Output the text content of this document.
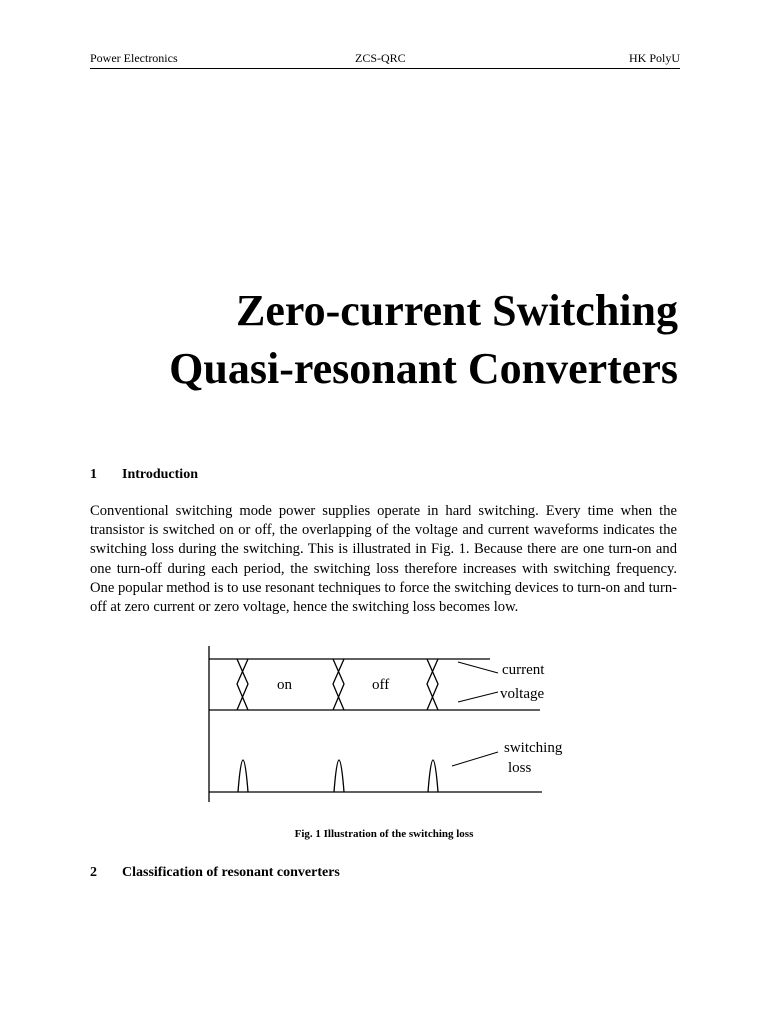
Power Electronics	ZCS-QRC	HK PolyU
Zero-current Switching
Quasi-resonant Converters
1 Introduction
Conventional switching mode power supplies operate in hard switching. Every time when the transistor is switched on or off, the overlapping of the voltage and current waveforms indicates the switching loss during the switching. This is illustrated in Fig. 1. Because there are one turn-on and one turn-off during each period, the switching loss therefore increases with switching frequency. One popular method is to use resonant techniques to force the switching devices to turn-on and turn-off at zero current or zero voltage, hence the switching loss becomes low.
on	off
current
voltage
switching
loss
Fig. 1 Illustration of the switching loss
2 Classification of resonant converters
